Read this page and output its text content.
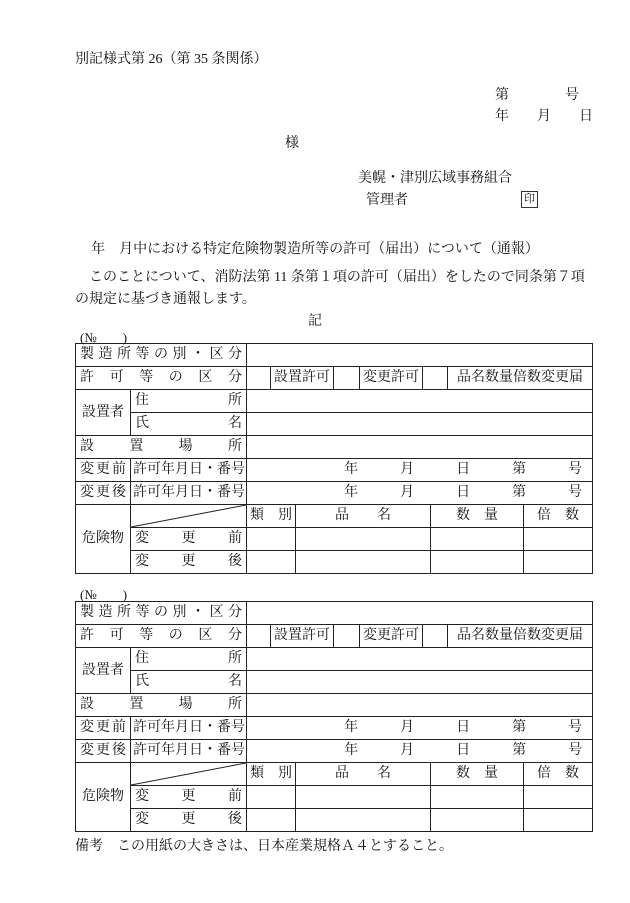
別記様式第 26（第 35 条関係）
第　　　　号
年　　月　　日
様
美幌・津別広域事務組合
管理者	印
年　月中における特定危険物製造所等の許可（届出）について（通報）
このことについて、消防法第 11 条第１項の許可（届出）をしたので同条第７項の規定に基づき通報します。
記
(№　　)
製造所等の別・区分										
許可等の区分			設置許可			変更許可			品名数量倍数変更届	
設置者	住所									
	氏名									
設置場所										
変更前	許可年月日・番号	年　　　月　　　日　　　第　　　号								
変更後	許可年月日・番号	年　　　月　　　日　　　第　　　号								
危険物		類　別		品　　名				数　量		倍　数
	変更前									
	変更後									
(№　　)
製造所等の別・区分										
許可等の区分			設置許可			変更許可			品名数量倍数変更届	
設置者	住所									
	氏名									
設置場所										
変更前	許可年月日・番号	年　　　月　　　日　　　第　　　号								
変更後	許可年月日・番号	年　　　月　　　日　　　第　　　号								
危険物		類　別		品　　名				数　量		倍　数
	変更前									
	変更後									
備考　この用紙の大きさは、日本産業規格Ａ４とすること。
